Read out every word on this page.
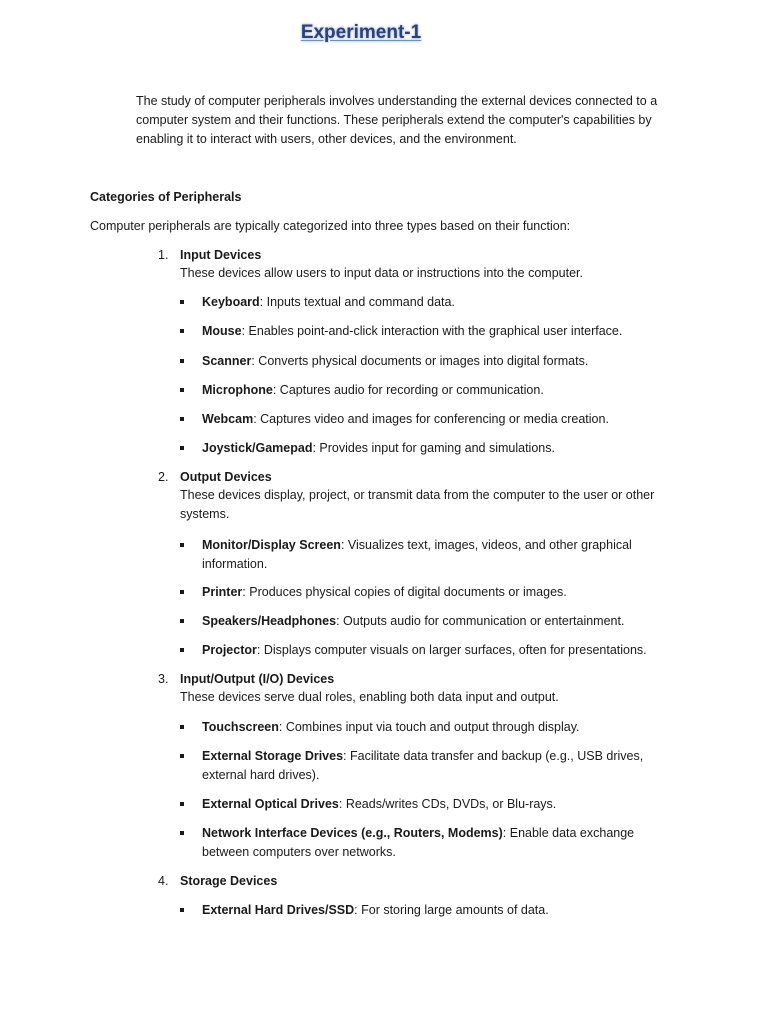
Experiment-1

The study of computer peripherals involves understanding the external devices connected to a computer system and their functions. These peripherals extend the computer's capabilities by enabling it to interact with users, other devices, and the environment.

Categories of Peripherals

Computer peripherals are typically categorized into three types based on their function:

1. Input Devices
These devices allow users to input data or instructions into the computer.
Keyboard: Inputs textual and command data.
Mouse: Enables point-and-click interaction with the graphical user interface.
Scanner: Converts physical documents or images into digital formats.
Microphone: Captures audio for recording or communication.
Webcam: Captures video and images for conferencing or media creation.
Joystick/Gamepad: Provides input for gaming and simulations.
2. Output Devices
These devices display, project, or transmit data from the computer to the user or other systems.
Monitor/Display Screen: Visualizes text, images, videos, and other graphical information.
Printer: Produces physical copies of digital documents or images.
Speakers/Headphones: Outputs audio for communication or entertainment.
Projector: Displays computer visuals on larger surfaces, often for presentations.
3. Input/Output (I/O) Devices
These devices serve dual roles, enabling both data input and output.
Touchscreen: Combines input via touch and output through display.
External Storage Drives: Facilitate data transfer and backup (e.g., USB drives, external hard drives).
External Optical Drives: Reads/writes CDs, DVDs, or Blu-rays.
Network Interface Devices (e.g., Routers, Modems): Enable data exchange between computers over networks.
4. Storage Devices
External Hard Drives/SSD: For storing large amounts of data.
